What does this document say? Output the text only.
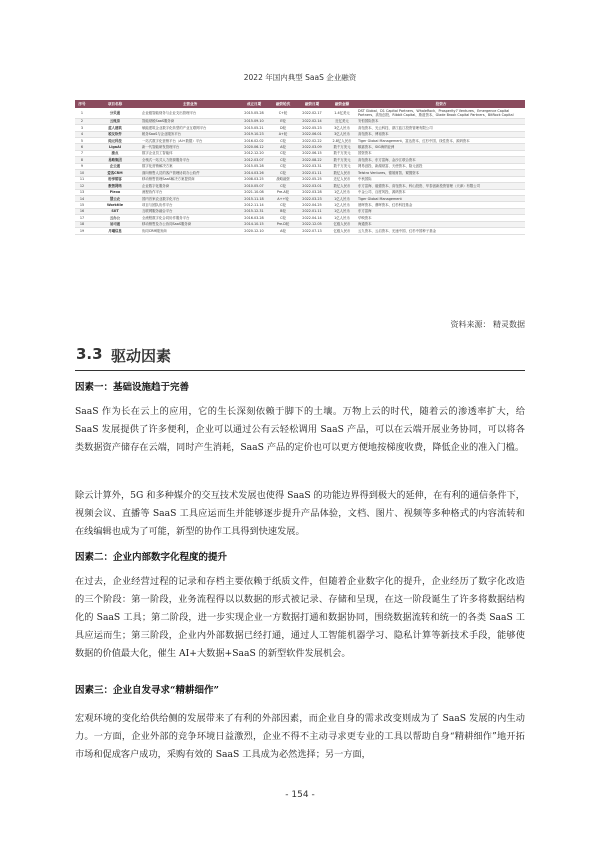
2022 年国内典型 SaaS 企业融资
序号	项目名称	主营业务	成立日期	融资轮次	融资日期	融资金额	投资方
1	分贝通	企业级智能财务与企业支出管理平台	2015.05.28	C+轮	2022.02.17	1.4亿美元	DST Global、D1 Capital Partners、WhaleRock、Prosperity7 Ventures、Emergence Capital Partners、高瓴创投、Ribbit Capital、斯道资本、Glade Brook Capital Partners、BitRock Capital
2	云账房	智能财税SaaS服务商	2015.09.10	E轮	2022.02.14	近亿美元	安恒国际资本
3	蓝人建筑	赋能建筑企业数字化转型的产业互联网平台	2015.05.21	D轮	2022.05.23	3亿人民币	高瓴资本、光云科技、浙江蓝江投资管理有限公司
4	税友软件	税务SaaS与企业服务平台	2019.10.23	A+轮	2022.06.01	3亿人民币	高瓴资本、博裕资本
5	纯元科技	一站式数字化营销平台（AI+数据）平台	2016.02.02	C轮	2022.02.22	2.8亿人民币	Tiger Global Management、富达资本、红杉中国、线性资本、源码资本
6	LigaAI	新一代智能研发管理平台	2020.06.12	A轮	2022.03.09	数千万美元	顺嘉资本、SIG海纳亚洲
7	励点	数字企业员工智能体	2012.12.20	C轮	2022.06.15	数千万美元	国资资本
8	易路集团	全栈式一站式人力资源服务平台	2012.03.07	C轮	2022.08.22	数千万美元	高瓴资本、东方富海、金沙江联合资本
9	企云通	数字化营销解决方案	2015.05.28	C轮	2022.03.31	数千万美元	网易创投、新湖财富、天使资本、隐元创投
10	爱客CRM	面向销售人员的客户管理协同办公软件	2014.03.26	C轮	2022.01.11	数亿人民币	Telstra Ventures、德晟财智、紧握资本
11	纷享销客	移动销售管理SaaS解决方案提供商	2008.03.25	战略融资	2022.05.25	近亿人民币	中秋国际
12	数智网络	企业数字化服务商	2010.05.07	C轮	2022.03.01	数亿人民币	东方富海、毅德资本、高瓴资本、科山投资、华泰创新投资管理（天津）有限公司
13	Plexo	流程协作平台	2021.10.08	Pre-A轮	2022.03.28	1亿人民币	中金公司、百度风投、源码资本
14	慧云农	国内首家农业数字化平台	2015.11.18	A++轮	2022.03.23	1亿人民币	Tiger Global Management
15	Worktile	项目与团队协作平台	2012.11.14	C轮	2022.04.25	1亿人民币	晨晖资本、鼎晖资本、红杉科技基金
16	SIIT	互联网服务融合平台	2015.12.31	B轮	2022.01.11	1亿人民币	东方富海
17	云办公	全流程数字化合同协作服务平台	2016.03.28	C轮	2022.04.14	1亿人民币	华映资本
18	易司通	移动销售及办公协同SaaS服务商	2014.10.15	Pre-D轮	2022.12.05	亿级人民币	海通资本
19	月曦信息	协同CRM服务商	2020.12.10	A轮	2022.07.13	亿级人民币	云九资本、云启资本、光速中国、红杉中国种子基金
资料来源： 精灵数据
3.3 驱动因素
因素一：基础设施趋于完善
SaaS 作为长在云上的应用，它的生长深刻依赖于脚下的土壤。万物上云的时代，随着云的渗透率扩大，给 SaaS 发展提供了许多便利，企业可以通过公有云轻松调用 SaaS 产品，可以在云端开展业务协同，可以将各类数据资产储存在云端，同时产生消耗，SaaS 产品的定价也可以更方便地按梯度收费，降低企业的准入门槛。
除云计算外，5G 和多种媒介的交互技术发展也使得 SaaS 的功能边界得到极大的延伸，在有利的通信条件下，视频会议、直播等 SaaS 工具应运而生并能够逐步提升产品体验，文档、图片、视频等多种格式的内容流转和在线编辑也成为了可能，新型的协作工具得到快速发展。
因素二：企业内部数字化程度的提升
在过去，企业经营过程的记录和存档主要依赖于纸质文件，但随着企业数字化的提升，企业经历了数字化改造的三个阶段：第一阶段，业务流程得以以数据的形式被记录、存储和呈现，在这一阶段诞生了许多将数据结构化的 SaaS 工具；第二阶段，进一步实现企业一方数据打通和数据协同，围绕数据流转和统一的各类 SaaS 工具应运而生；第三阶段，企业内外部数据已经打通，通过人工智能机器学习、隐私计算等新技术手段，能够使数据的价值最大化，催生 AI+大数据+SaaS 的新型软件发展机会。
因素三：企业自发寻求“精耕细作”
宏观环境的变化给供给侧的发展带来了有利的外部因素，而企业自身的需求改变则成为了 SaaS 发展的内生动力。一方面，企业外部的竞争环境日益激烈，企业不得不主动寻求更专业的工具以帮助自身“精耕细作”地开拓市场和促成客户成功，采购有效的 SaaS 工具成为必然选择；另一方面，
- 154 -
